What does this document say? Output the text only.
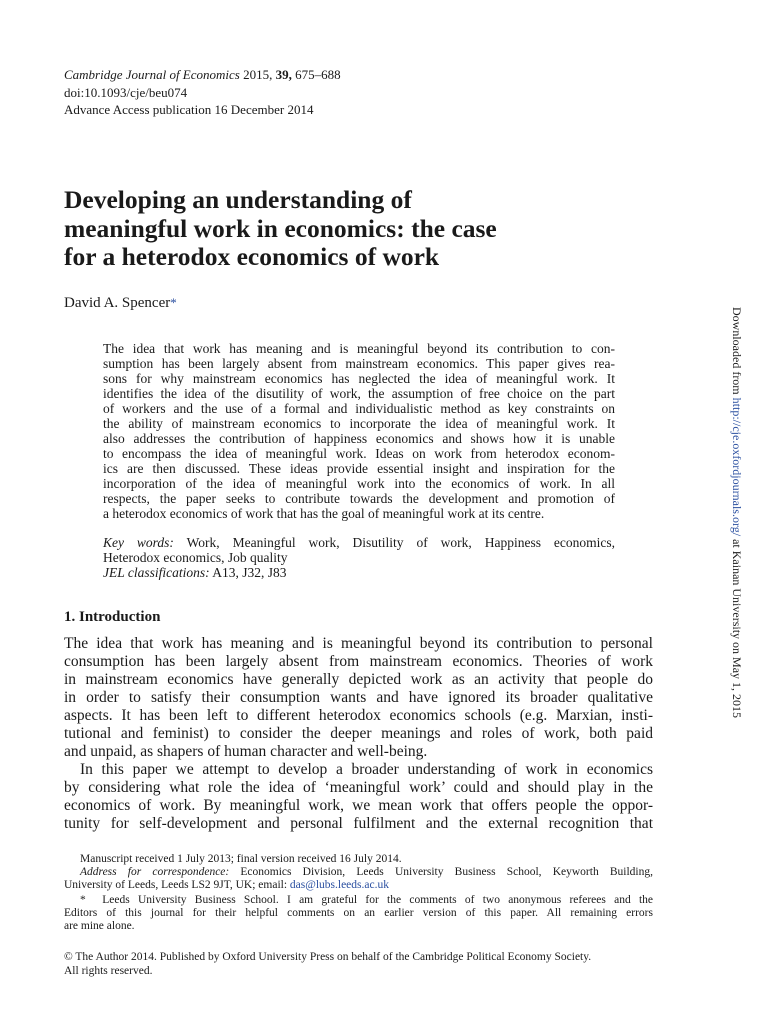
Cambridge Journal of Economics 2015, 39, 675–688
doi:10.1093/cje/beu074
Advance Access publication 16 December 2014
Developing an understanding of
meaningful work in economics: the case
for a heterodox economics of work
David A. Spencer*
The idea that work has meaning and is meaningful beyond its contribution to con-
sumption has been largely absent from mainstream economics. This paper gives rea-
sons for why mainstream economics has neglected the idea of meaningful work. It
identifies the idea of the disutility of work, the assumption of free choice on the part
of workers and the use of a formal and individualistic method as key constraints on
the ability of mainstream economics to incorporate the idea of meaningful work. It
also addresses the contribution of happiness economics and shows how it is unable
to encompass the idea of meaningful work. Ideas on work from heterodox econom-
ics are then discussed. These ideas provide essential insight and inspiration for the
incorporation of the idea of meaningful work into the economics of work. In all
respects, the paper seeks to contribute towards the development and promotion of
a heterodox economics of work that has the goal of meaningful work at its centre.
Key words: Work, Meaningful work, Disutility of work, Happiness economics,
Heterodox economics, Job quality
JEL classifications: A13, J32, J83
1. Introduction
The idea that work has meaning and is meaningful beyond its contribution to personal
consumption has been largely absent from mainstream economics. Theories of work
in mainstream economics have generally depicted work as an activity that people do
in order to satisfy their consumption wants and have ignored its broader qualitative
aspects. It has been left to different heterodox economics schools (e.g. Marxian, insti-
tutional and feminist) to consider the deeper meanings and roles of work, both paid
and unpaid, as shapers of human character and well-being.
In this paper we attempt to develop a broader understanding of work in economics
by considering what role the idea of ‘meaningful work’ could and should play in the
economics of work. By meaningful work, we mean work that offers people the oppor-
tunity for self-development and personal fulfilment and the external recognition that
Manuscript received 1 July 2013; final version received 16 July 2014.
Address for correspondence: Economics Division, Leeds University Business School, Keyworth Building,
University of Leeds, Leeds LS2 9JT, UK; email: das@lubs.leeds.ac.uk
* Leeds University Business School. I am grateful for the comments of two anonymous referees and the
Editors of this journal for their helpful comments on an earlier version of this paper. All remaining errors
are mine alone.
© The Author 2014. Published by Oxford University Press on behalf of the Cambridge Political Economy Society.
All rights reserved.
Downloaded from http://cje.oxfordjournals.org/ at Kainan University on May 1, 2015
